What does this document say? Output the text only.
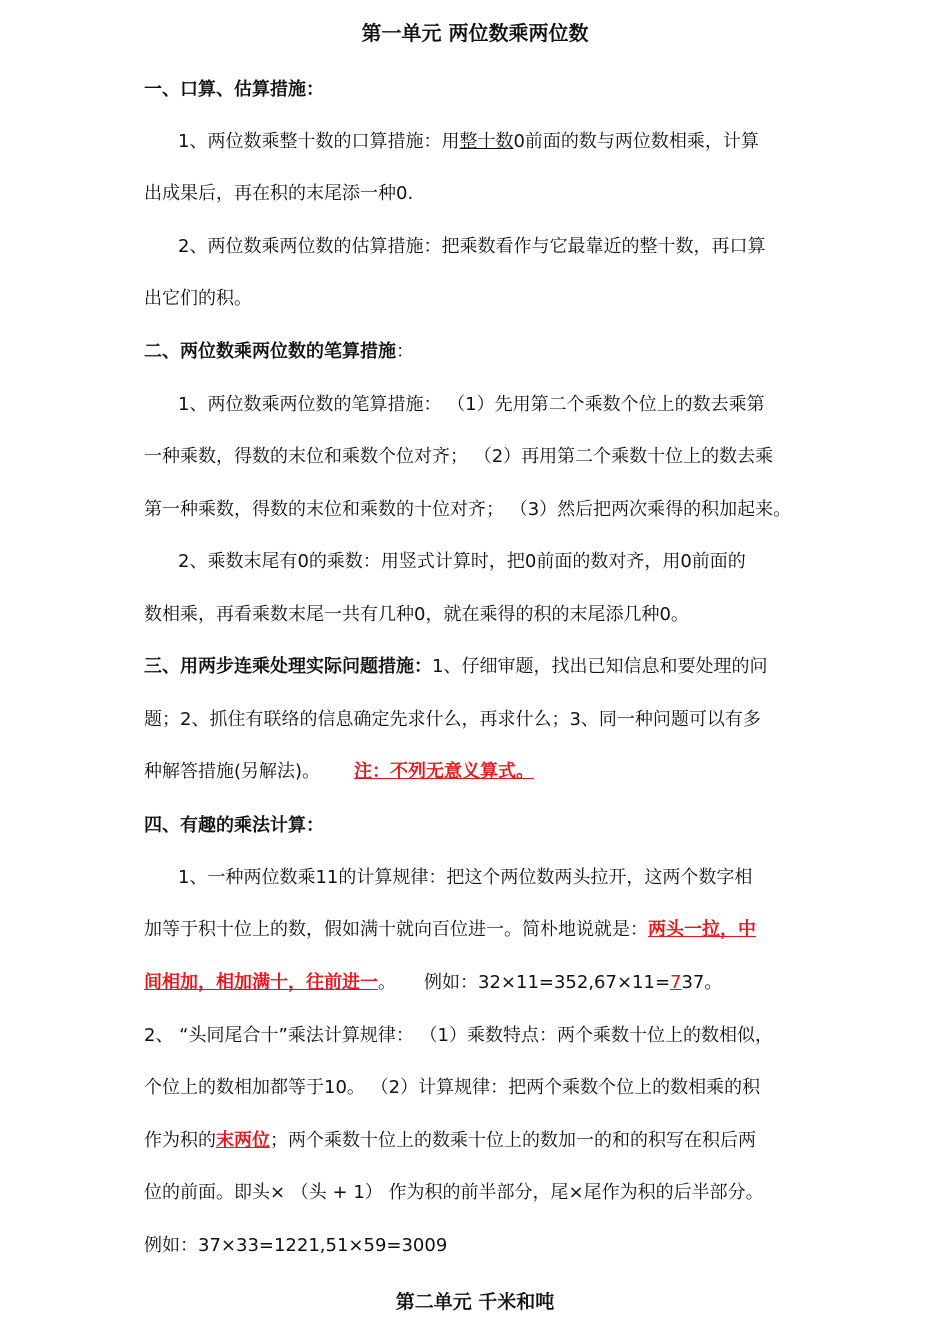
第一单元 两位数乘两位数
一、口算、估算措施：
1、两位数乘整十数的口算措施：用整十数0前面的数与两位数相乘，计算
出成果后，再在积的末尾添一种0.
2、两位数乘两位数的估算措施：把乘数看作与它最靠近的整十数，再口算
出它们的积。
二、两位数乘两位数的笔算措施：
1、两位数乘两位数的笔算措施： （1）先用第二个乘数个位上的数去乘第
一种乘数，得数的末位和乘数个位对齐； （2）再用第二个乘数十位上的数去乘
第一种乘数，得数的末位和乘数的十位对齐； （3）然后把两次乘得的积加起来。
2、乘数末尾有0的乘数：用竖式计算时，把0前面的数对齐，用0前面的
数相乘，再看乘数末尾一共有几种0，就在乘得的积的末尾添几种0。
三、用两步连乘处理实际问题措施：1、仔细审题，找出已知信息和要处理的问
题；2、抓住有联络的信息确定先求什么，再求什么；3、同一种问题可以有多
种解答措施(另解法)。 注：不列无意义算式。
四、有趣的乘法计算：
1、一种两位数乘11的计算规律：把这个两位数两头拉开，这两个数字相
加等于积十位上的数，假如满十就向百位进一。简朴地说就是：两头一拉，中
间相加，相加满十，往前进一。 例如：32×11=352,67×11=737。
2、 “头同尾合十”乘法计算规律： （1）乘数特点：两个乘数十位上的数相似，
个位上的数相加都等于10。 （2）计算规律：把两个乘数个位上的数相乘的积
作为积的末两位；两个乘数十位上的数乘十位上的数加一的和的积写在积后两
位的前面。即头× （头 + 1） 作为积的前半部分，尾×尾作为积的后半部分。
例如：37×33=1221,51×59=3009
第二单元 千米和吨
